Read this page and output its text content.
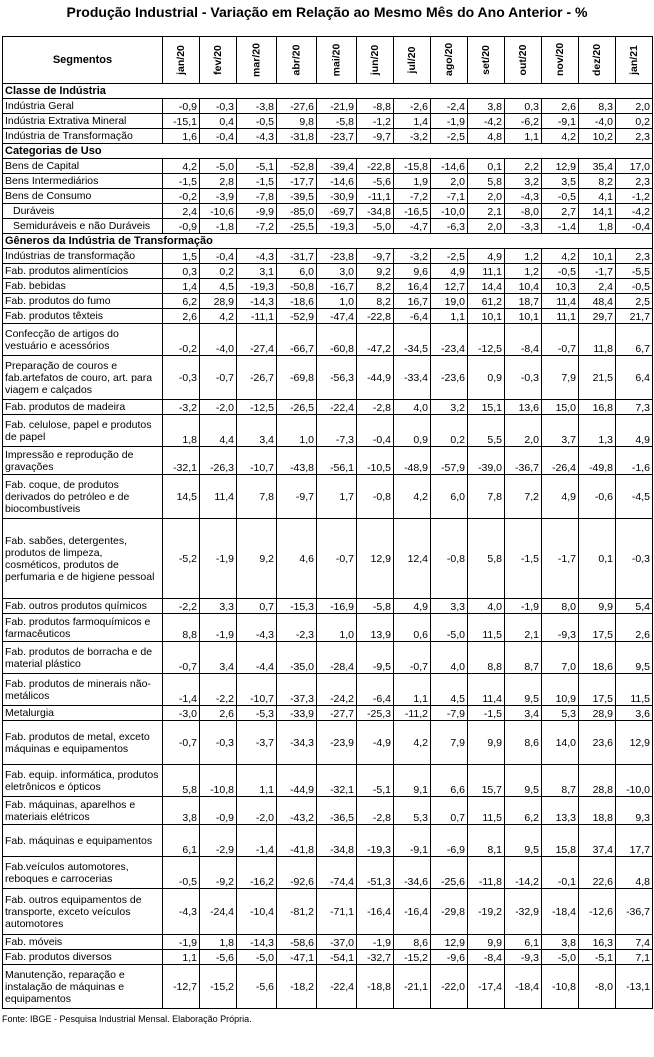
Produção Industrial - Variação em Relação ao Mesmo Mês do Ano Anterior - %
Segmentos	jan/20	fev/20	mar/20	abr/20	mai/20	jun/20	jul/20	ago/20	set/20	out/20	nov/20	dez/20	jan/21

Classe de Indústria													
Indústria Geral	-0,9	-0,3	-3,8	-27,6	-21,9	-8,8	-2,6	-2,4	3,8	0,3	2,6	8,3	2,0
Indústria Extrativa Mineral	-15,1	0,4	-0,5	9,8	-5,8	-1,2	1,4	-1,9	-4,2	-6,2	-9,1	-4,0	0,2
Indústria de Transformação	1,6	-0,4	-4,3	-31,8	-23,7	-9,7	-3,2	-2,5	4,8	1,1	4,2	10,2	2,3
Categorias de Uso													
Bens de Capital	4,2	-5,0	-5,1	-52,8	-39,4	-22,8	-15,8	-14,6	0,1	2,2	12,9	35,4	17,0
Bens Intermediários	-1,5	2,8	-1,5	-17,7	-14,6	-5,6	1,9	2,0	5,8	3,2	3,5	8,2	2,3
Bens de Consumo	-0,2	-3,9	-7,8	-39,5	-30,9	-11,1	-7,2	-7,1	2,0	-4,3	-0,5	4,1	-1,2
Duráveis	2,4	-10,6	-9,9	-85,0	-69,7	-34,8	-16,5	-10,0	2,1	-8,0	2,7	14,1	-4,2
Semiduráveis e não Duráveis	-0,9	-1,8	-7,2	-25,5	-19,3	-5,0	-4,7	-6,3	2,0	-3,3	-1,4	1,8	-0,4
Gêneros da Indústria de Transformação													
Indústrias de transformação	1,5	-0,4	-4,3	-31,7	-23,8	-9,7	-3,2	-2,5	4,9	1,2	4,2	10,1	2,3
Fab. produtos alimentícios	0,3	0,2	3,1	6,0	3,0	9,2	9,6	4,9	11,1	1,2	-0,5	-1,7	-5,5
Fab. bebidas	1,4	4,5	-19,3	-50,8	-16,7	8,2	16,4	12,7	14,4	10,4	10,3	2,4	-0,5
Fab. produtos do fumo	6,2	28,9	-14,3	-18,6	1,0	8,2	16,7	19,0	61,2	18,7	11,4	48,4	2,5
Fab. produtos têxteis	2,6	4,2	-11,1	-52,9	-47,4	-22,8	-6,4	1,1	10,1	10,1	11,1	29,7	21,7
Confecção de artigos do vestuário e acessórios	-0,2	-4,0	-27,4	-66,7	-60,8	-47,2	-34,5	-23,4	-12,5	-8,4	-0,7	11,8	6,7
Preparação de couros e fab.artefatos de couro, art. para viagem e calçados	-0,3	-0,7	-26,7	-69,8	-56,3	-44,9	-33,4	-23,6	0,9	-0,3	7,9	21,5	6,4
Fab. produtos de madeira	-3,2	-2,0	-12,5	-26,5	-22,4	-2,8	4,0	3,2	15,1	13,6	15,0	16,8	7,3
Fab. celulose, papel e produtos de papel	1,8	4,4	3,4	1,0	-7,3	-0,4	0,9	0,2	5,5	2,0	3,7	1,3	4,9
Impressão e reprodução de gravações	-32,1	-26,3	-10,7	-43,8	-56,1	-10,5	-48,9	-57,9	-39,0	-36,7	-26,4	-49,8	-1,6
Fab. coque, de produtos derivados do petróleo e de biocombustíveis	14,5	11,4	7,8	-9,7	1,7	-0,8	4,2	6,0	7,8	7,2	4,9	-0,6	-4,5
Fab. sabões, detergentes, produtos de limpeza, cosméticos, produtos de perfumaria e de higiene pessoal	-5,2	-1,9	9,2	4,6	-0,7	12,9	12,4	-0,8	5,8	-1,5	-1,7	0,1	-0,3
Fab. outros produtos químicos	-2,2	3,3	0,7	-15,3	-16,9	-5,8	4,9	3,3	4,0	-1,9	8,0	9,9	5,4
Fab. produtos farmoquímicos e farmacêuticos	8,8	-1,9	-4,3	-2,3	1,0	13,9	0,6	-5,0	11,5	2,1	-9,3	17,5	2,6
Fab. produtos de borracha e de material plástico	-0,7	3,4	-4,4	-35,0	-28,4	-9,5	-0,7	4,0	8,8	8,7	7,0	18,6	9,5
Fab. produtos de minerais não-metálicos	-1,4	-2,2	-10,7	-37,3	-24,2	-6,4	1,1	4,5	11,4	9,5	10,9	17,5	11,5
Metalurgia	-3,0	2,6	-5,3	-33,9	-27,7	-25,3	-11,2	-7,9	-1,5	3,4	5,3	28,9	3,6
Fab. produtos de metal, exceto máquinas e equipamentos	-0,7	-0,3	-3,7	-34,3	-23,9	-4,9	4,2	7,9	9,9	8,6	14,0	23,6	12,9
Fab. equip. informática, produtos eletrônicos e ópticos	5,8	-10,8	1,1	-44,9	-32,1	-5,1	9,1	6,6	15,7	9,5	8,7	28,8	-10,0
Fab. máquinas, aparelhos e materiais elétricos	3,8	-0,9	-2,0	-43,2	-36,5	-2,8	5,3	0,7	11,5	6,2	13,3	18,8	9,3
Fab. máquinas e equipamentos	6,1	-2,9	-1,4	-41,8	-34,8	-19,3	-9,1	-6,9	8,1	9,5	15,8	37,4	17,7
Fab.veículos automotores, reboques e carrocerias	-0,5	-9,2	-16,2	-92,6	-74,4	-51,3	-34,6	-25,6	-11,8	-14,2	-0,1	22,6	4,8
Fab. outros equipamentos de transporte, exceto veículos automotores	-4,3	-24,4	-10,4	-81,2	-71,1	-16,4	-16,4	-29,8	-19,2	-32,9	-18,4	-12,6	-36,7
Fab. móveis	-1,9	1,8	-14,3	-58,6	-37,0	-1,9	8,6	12,9	9,9	6,1	3,8	16,3	7,4
Fab. produtos diversos	1,1	-5,6	-5,0	-47,1	-54,1	-32,7	-15,2	-9,6	-8,4	-9,3	-5,0	-5,1	7,1
Manutenção, reparação e instalação de máquinas e equipamentos	-12,7	-15,2	-5,6	-18,2	-22,4	-18,8	-21,1	-22,0	-17,4	-18,4	-10,8	-8,0	-13,1
Fonte: IBGE - Pesquisa Industrial Mensal. Elaboração Própria.
